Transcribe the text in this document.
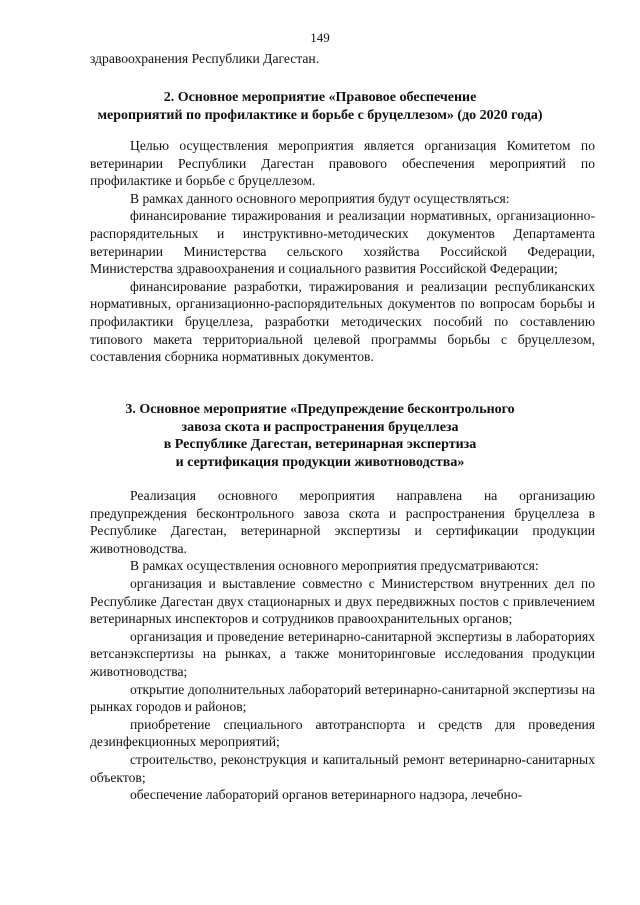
149

здравоохранения Республики Дагестан.

2. Основное мероприятие «Правовое обеспечение
мероприятий по профилактике и борьбе с бруцеллезом» (до 2020 года)

Целью осуществления мероприятия является организация Комитетом по ветеринарии Республики Дагестан правового обеспечения мероприятий по профилактике и борьбе с бруцеллезом.

В рамках данного основного мероприятия будут осуществляться:

финансирование тиражирования и реализации нормативных, организационно-распорядительных и инструктивно-методических документов Департамента ветеринарии Министерства сельского хозяйства Российской Федерации, Министерства здравоохранения и социального развития Российской Федерации;

финансирование разработки, тиражирования и реализации республиканских нормативных, организационно-распорядительных документов по вопросам борьбы и профилактики бруцеллеза, разработки методических пособий по составлению типового макета территориальной целевой программы борьбы с бруцеллезом, составления сборника нормативных документов.

3. Основное мероприятие «Предупреждение бесконтрольного
завоза скота и распространения бруцеллеза
в Республике Дагестан, ветеринарная экспертиза
и сертификация продукции животноводства»

Реализация основного мероприятия направлена на организацию предупреждения бесконтрольного завоза скота и распространения бруцеллеза в Республике Дагестан, ветеринарной экспертизы и сертификации продукции животноводства.

В рамках осуществления основного мероприятия предусматриваются:

организация и выставление совместно с Министерством внутренних дел по Республике Дагестан двух стационарных и двух передвижных постов с привлечением ветеринарных инспекторов и сотрудников правоохранительных органов;

организация и проведение ветеринарно-санитарной экспертизы в лабораториях ветсанэкспертизы на рынках, а также мониторинговые исследования продукции животноводства;

открытие дополнительных лабораторий ветеринарно-санитарной экспертизы на рынках городов и районов;

приобретение специального автотранспорта и средств для проведения дезинфекционных мероприятий;

строительство, реконструкция и капитальный ремонт ветеринарно-санитарных объектов;

обеспечение лабораторий органов ветеринарного надзора, лечебно-
